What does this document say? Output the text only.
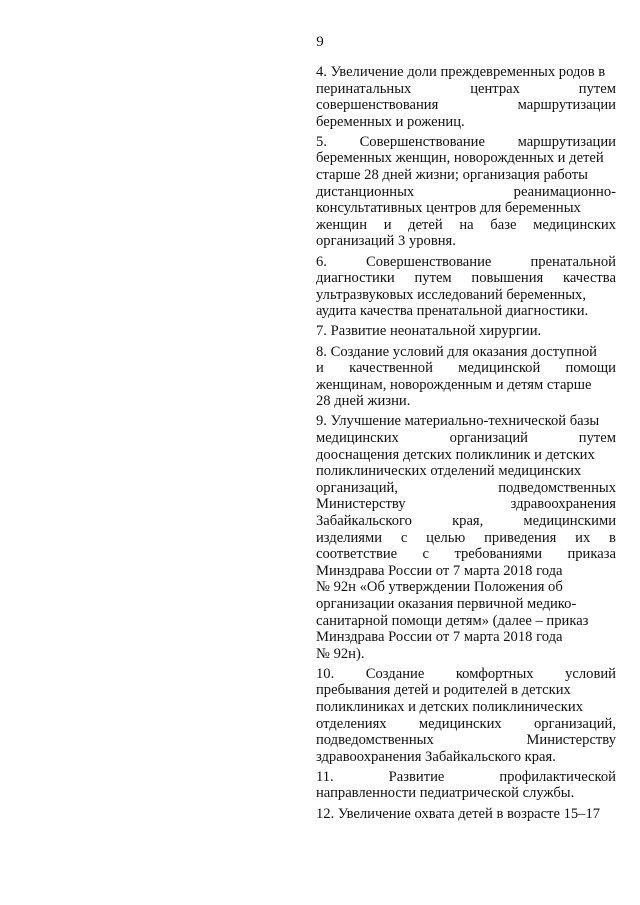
9
4. Увеличение доли преждевременных родов в
перинатальных	центрах	путем
совершенствования	маршрутизации
беременных и рожениц.
5. Совершенствование маршрутизации
беременных женщин, новорожденных и детей
старше 28 дней жизни; организация работы
дистанционных	реанимационно-
консультативных центров для беременных
женщин и детей на базе медицинских
организаций 3 уровня.
6.	Совершенствование	пренатальной
диагностики путем повышения качества
ультразвуковых исследований беременных,
аудита качества пренатальной диагностики.
7. Развитие неонатальной хирургии.
8. Создание условий для оказания доступной
и качественной медицинской помощи
женщинам, новорожденным и детям старше
28 дней жизни.
9. Улучшение материально-технической базы
медицинских	организаций	путем
дооснащения детских поликлиник и детских
поликлинических отделений медицинских
организаций,	подведомственных
Министерству	здравоохранения
Забайкальского	края,	медицинскими
изделиями с целью приведения их в
соответствие с требованиями приказа
Минздрава России от 7 марта 2018 года
№ 92н «Об утверждении Положения об
организации оказания первичной медико-
санитарной помощи детям» (далее – приказ
Минздрава России от 7 марта 2018 года
№ 92н).
10. Создание комфортных условий
пребывания детей и родителей в детских
поликлиниках и детских поликлинических
отделениях медицинских организаций,
подведомственных	Министерству
здравоохранения Забайкальского края.
11.	Развитие	профилактической
направленности педиатрической службы.
12. Увеличение охвата детей в возрасте 15–17
